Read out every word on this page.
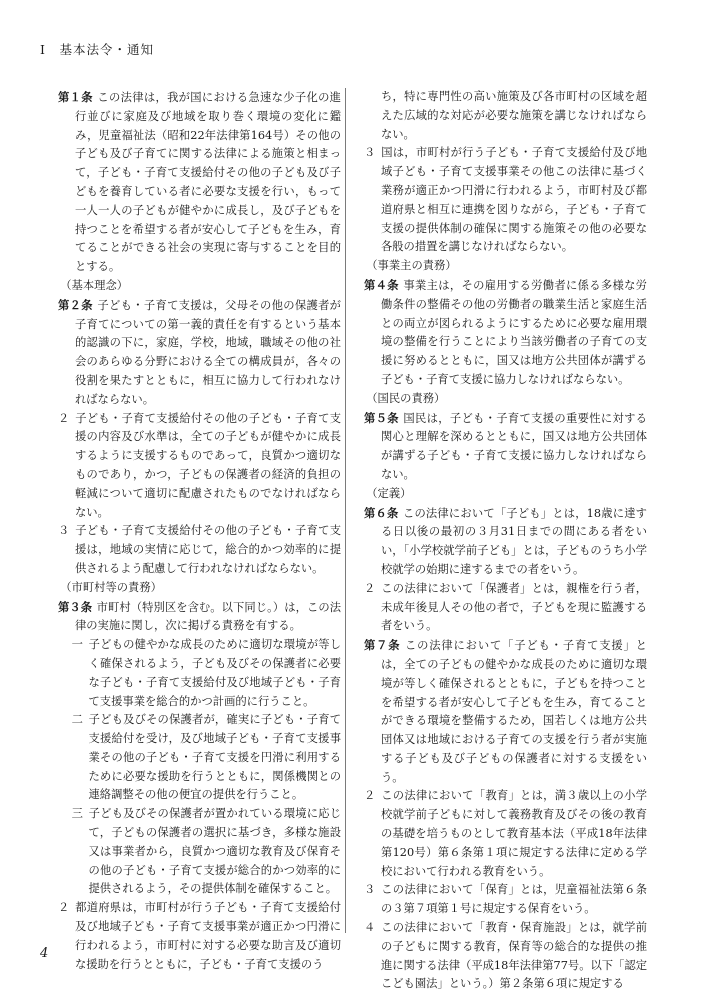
Ⅰ　基本法令・通知

第１条 この法律は，我が国における急速な少子化の進行並びに家庭及び地域を取り巻く環境の変化に鑑み，児童福祉法（昭和22年法律第164号）その他の子ども及び子育てに関する法律による施策と相まって，子ども・子育て支援給付その他の子ども及び子どもを養育している者に必要な支援を行い，もって一人一人の子どもが健やかに成長し，及び子どもを持つことを希望する者が安心して子どもを生み，育てることができる社会の実現に寄与することを目的とする。

（基本理念）

第２条 子ども・子育て支援は，父母その他の保護者が子育てについての第一義的責任を有するという基本的認識の下に，家庭，学校，地域，職域その他の社会のあらゆる分野における全ての構成員が，各々の役割を果たすとともに，相互に協力して行われなければならない。

２ 子ども・子育て支援給付その他の子ども・子育て支援の内容及び水準は，全ての子どもが健やかに成長するように支援するものであって，良質かつ適切なものであり，かつ，子どもの保護者の経済的負担の軽減について適切に配慮されたものでなければならない。

３ 子ども・子育て支援給付その他の子ども・子育て支援は，地域の実情に応じて，総合的かつ効率的に提供されるよう配慮して行われなければならない。

（市町村等の責務）

第３条 市町村（特別区を含む。以下同じ。）は，この法律の実施に関し，次に掲げる責務を有する。

一 子どもの健やかな成長のために適切な環境が等しく確保されるよう，子ども及びその保護者に必要な子ども・子育て支援給付及び地域子ども・子育て支援事業を総合的かつ計画的に行うこと。

二 子ども及びその保護者が，確実に子ども・子育て支援給付を受け，及び地域子ども・子育て支援事業その他の子ども・子育て支援を円滑に利用するために必要な援助を行うとともに，関係機関との連絡調整その他の便宜の提供を行うこと。

三 子ども及びその保護者が置かれている環境に応じて，子どもの保護者の選択に基づき，多様な施設又は事業者から，良質かつ適切な教育及び保育その他の子ども・子育て支援が総合的かつ効率的に提供されるよう，その提供体制を確保すること。

２ 都道府県は，市町村が行う子ども・子育て支援給付及び地域子ども・子育て支援事業が適正かつ円滑に行われるよう，市町村に対する必要な助言及び適切な援助を行うとともに，子ども・子育て支援のう

ち，特に専門性の高い施策及び各市町村の区域を超えた広域的な対応が必要な施策を講じなければならない。

３ 国は，市町村が行う子ども・子育て支援給付及び地域子ども・子育て支援事業その他この法律に基づく業務が適正かつ円滑に行われるよう，市町村及び都道府県と相互に連携を図りながら，子ども・子育て支援の提供体制の確保に関する施策その他の必要な各般の措置を講じなければならない。

（事業主の責務）

第４条 事業主は，その雇用する労働者に係る多様な労働条件の整備その他の労働者の職業生活と家庭生活との両立が図られるようにするために必要な雇用環境の整備を行うことにより当該労働者の子育ての支援に努めるとともに，国又は地方公共団体が講ずる子ども・子育て支援に協力しなければならない。

（国民の責務）

第５条 国民は，子ども・子育て支援の重要性に対する関心と理解を深めるとともに，国又は地方公共団体が講ずる子ども・子育て支援に協力しなければならない。

（定義）

第６条 この法律において「子ども」とは，18歳に達する日以後の最初の３月31日までの間にある者をいい，「小学校就学前子ども」とは，子どものうち小学校就学の始期に達するまでの者をいう。

２ この法律において「保護者」とは，親権を行う者，未成年後見人その他の者で，子どもを現に監護する者をいう。

第７条 この法律において「子ども・子育て支援」とは，全ての子どもの健やかな成長のために適切な環境が等しく確保されるとともに，子どもを持つことを希望する者が安心して子どもを生み，育てることができる環境を整備するため，国若しくは地方公共団体又は地域における子育ての支援を行う者が実施する子ども及び子どもの保護者に対する支援をいう。

２ この法律において「教育」とは，満３歳以上の小学校就学前子どもに対して義務教育及びその後の教育の基礎を培うものとして教育基本法（平成18年法律第120号）第６条第１項に規定する法律に定める学校において行われる教育をいう。

３ この法律において「保育」とは，児童福祉法第６条の３第７項第１号に規定する保育をいう。

４ この法律において「教育・保育施設」とは，就学前の子どもに関する教育，保育等の総合的な提供の推進に関する法律（平成18年法律第77号。以下「認定こども園法」という。）第２条第６項に規定する

4
